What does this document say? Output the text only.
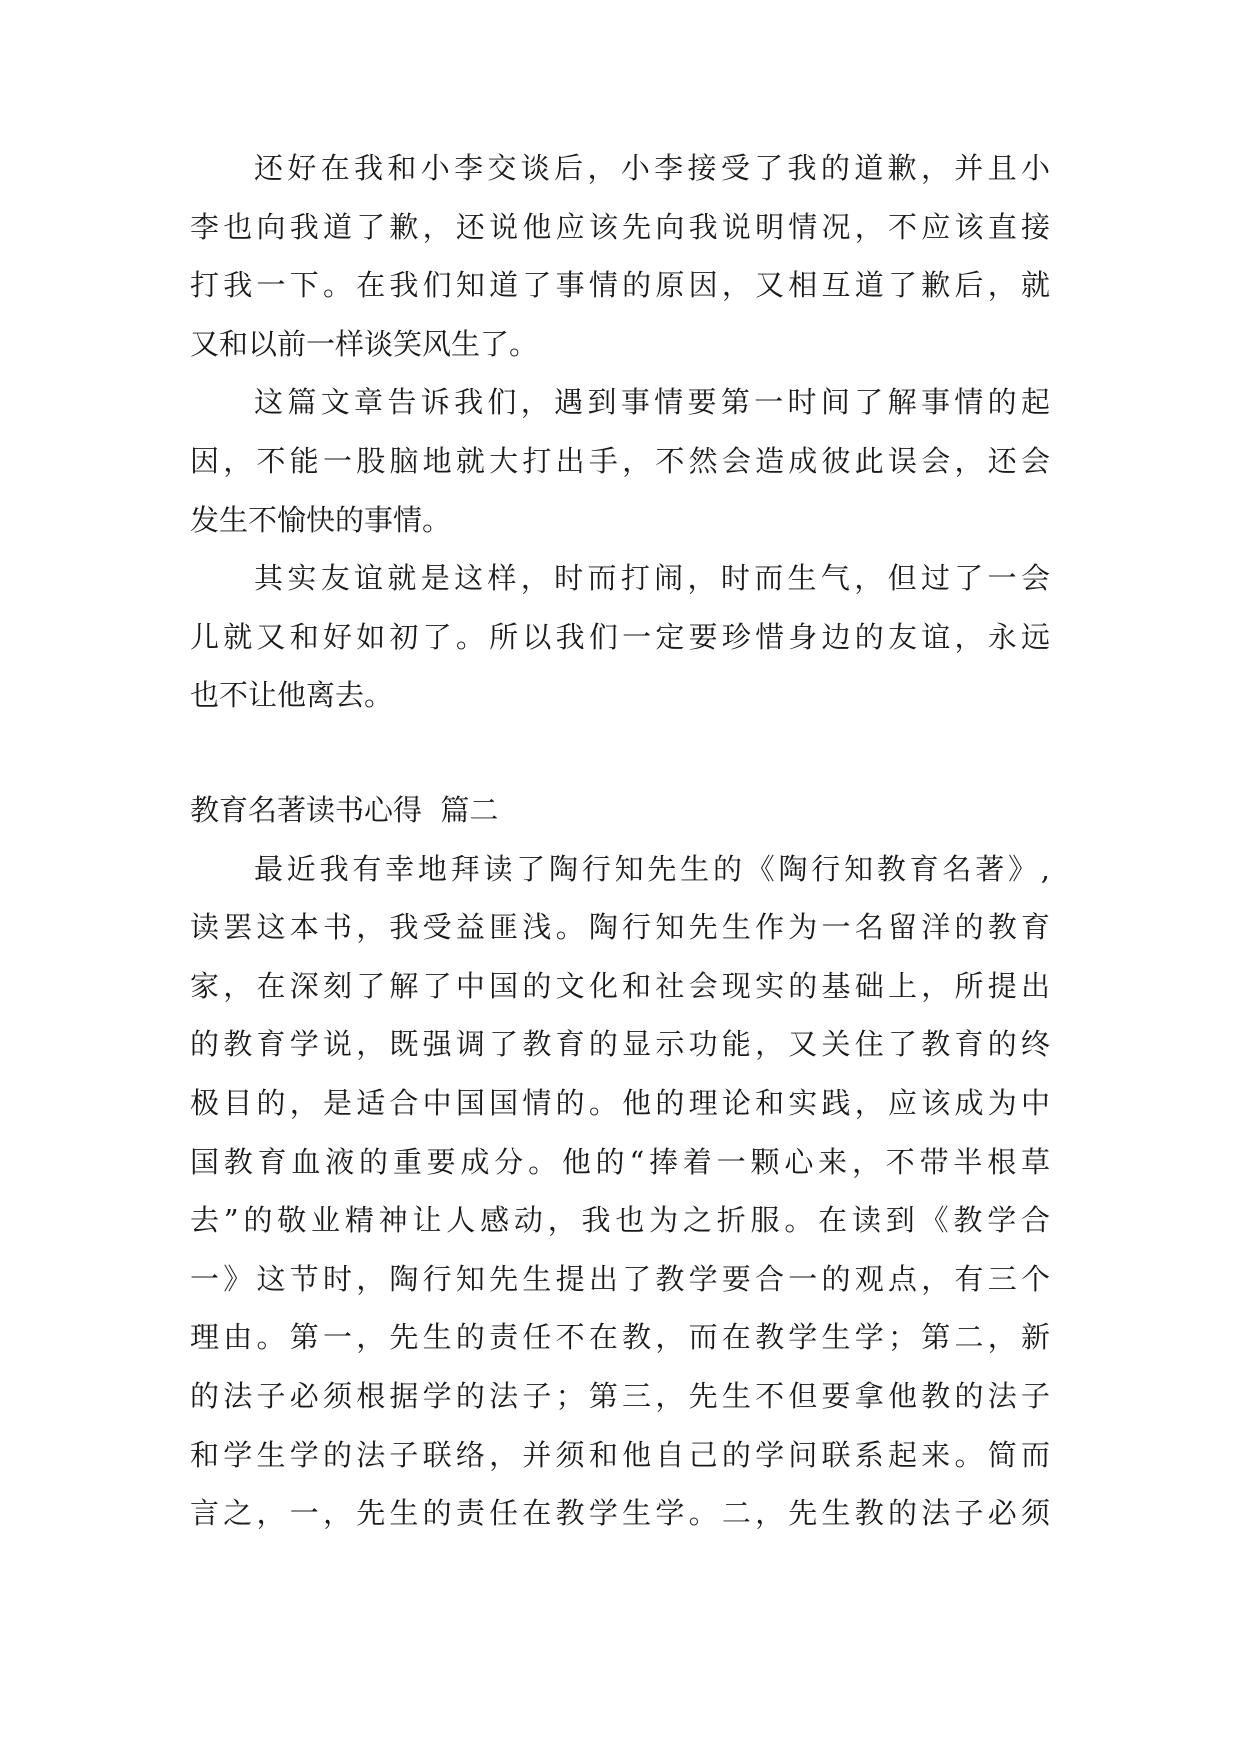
还好在我和小李交谈后，小李接受了我的道歉，并且小
李也向我道了歉，还说他应该先向我说明情况，不应该直接
打我一下。在我们知道了事情的原因，又相互道了歉后，就
又和以前一样谈笑风生了。
这篇文章告诉我们，遇到事情要第一时间了解事情的起
因，不能一股脑地就大打出手，不然会造成彼此误会，还会
发生不愉快的事情。
其实友谊就是这样，时而打闹，时而生气，但过了一会
儿就又和好如初了。所以我们一定要珍惜身边的友谊，永远
也不让他离去。
教育名著读书心得  篇二
最近我有幸地拜读了陶行知先生的《陶行知教育名著》,
读罢这本书，我受益匪浅。陶行知先生作为一名留洋的教育
家，在深刻了解了中国的文化和社会现实的基础上，所提出
的教育学说，既强调了教育的显示功能，又关住了教育的终
极目的，是适合中国国情的。他的理论和实践，应该成为中
国教育血液的重要成分。他的“捧着一颗心来，不带半根草
去”的敬业精神让人感动，我也为之折服。在读到《教学合
一》这节时，陶行知先生提出了教学要合一的观点，有三个
理由。第一，先生的责任不在教，而在教学生学；第二，新
的法子必须根据学的法子；第三，先生不但要拿他教的法子
和学生学的法子联络，并须和他自己的学问联系起来。简而
言之，一，先生的责任在教学生学。二，先生教的法子必须
